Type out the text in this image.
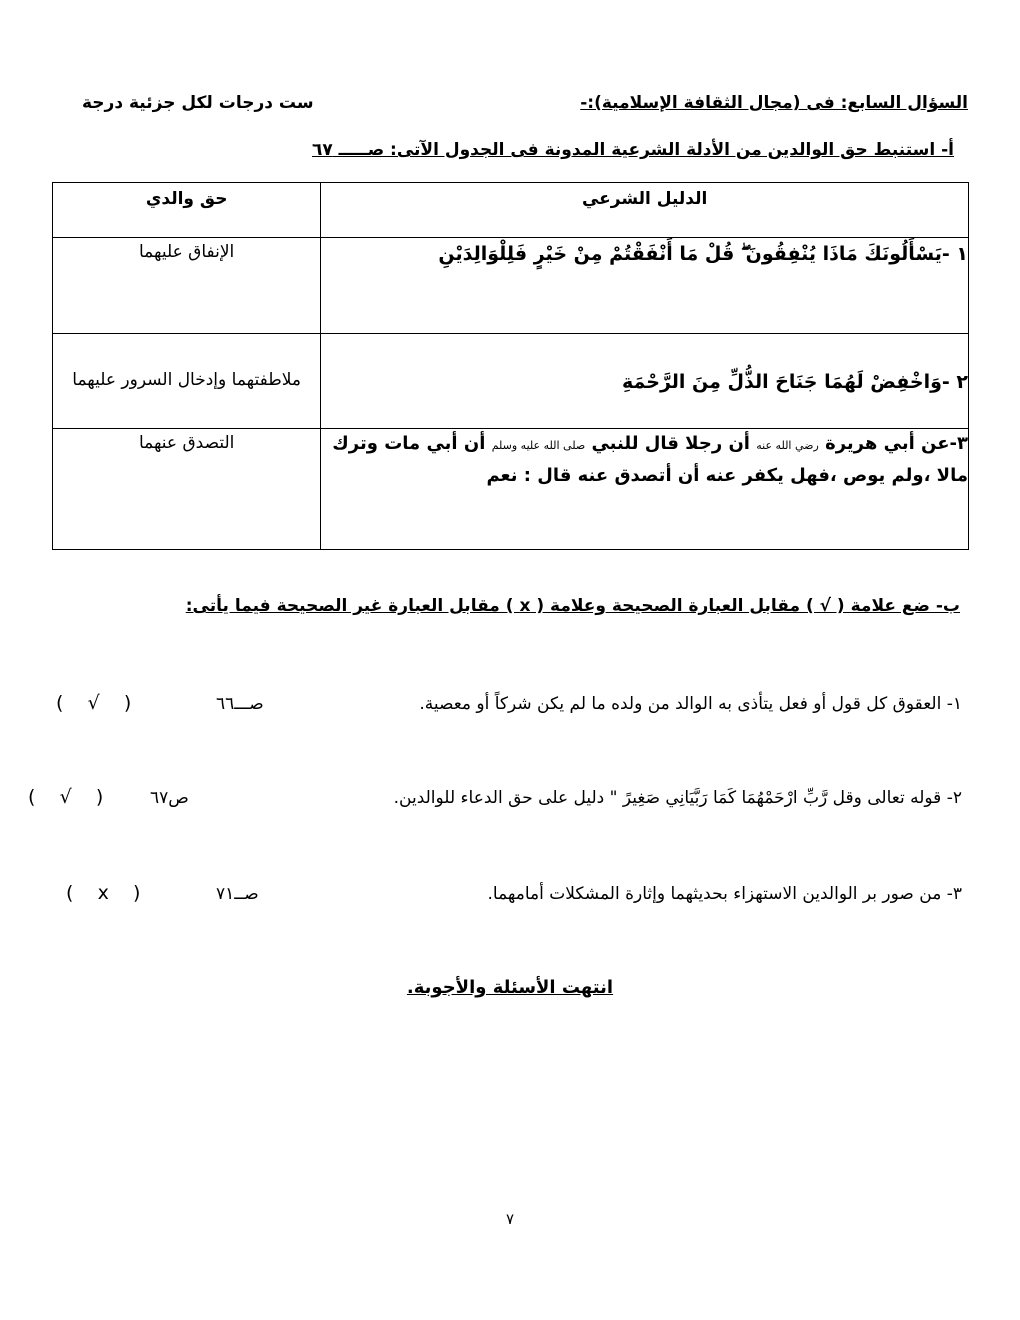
السؤال السابع: فى (مجال الثقافة الإسلامية):-
ست درجات لكل جزئية درجة
أ- استنبط حق الوالدين من الأدلة الشرعية المدونة فى الجدول الآتى: صـــــ ٦٧
الدليل الشرعي	حق والدي
١ -يَسْأَلُونَكَ مَاذَا يُنْفِقُونَ ۖ قُلْ مَا أَنْفَقْتُمْ مِنْ خَيْرٍ فَلِلْوَالِدَيْنِ	الإنفاق عليهما
٢ -وَاخْفِضْ لَهُمَا جَنَاحَ الذُّلِّ مِنَ الرَّحْمَةِ	ملاطفتهما وإدخال السرور عليهما
٣-عن أبي هريرة رضي الله عنه أن رجلا قال للنبي صلى الله عليه وسلم أن أبي مات وترك مالا ،ولم يوص ،فهل يكفر عنه أن أتصدق عنه قال : نعم	التصدق عنهما
ب- ضع علامة ( √ ) مقابل العبارة الصحيحة وعلامة ( x ) مقابل العبارة غير الصحيحة فيما يأتى:
١- العقوق كل قول أو فعل يتأذى به الوالد من ولده ما لم يكن شركاً أو معصية.
صـــ٦٦
(    √    )
٢- قوله تعالى وقل رَّبِّ ارْحَمْهُمَا كَمَا رَبَّيَانِي صَغِيرً " دليل على حق الدعاء للوالدين.
ص٦٧
(    √    )
٣- من صور بر الوالدين الاستهزاء بحديثهما وإثارة المشكلات أمامهما.
صــ٧١
(    x    )
انتهت الأسئلة والأجوبة.
٧
